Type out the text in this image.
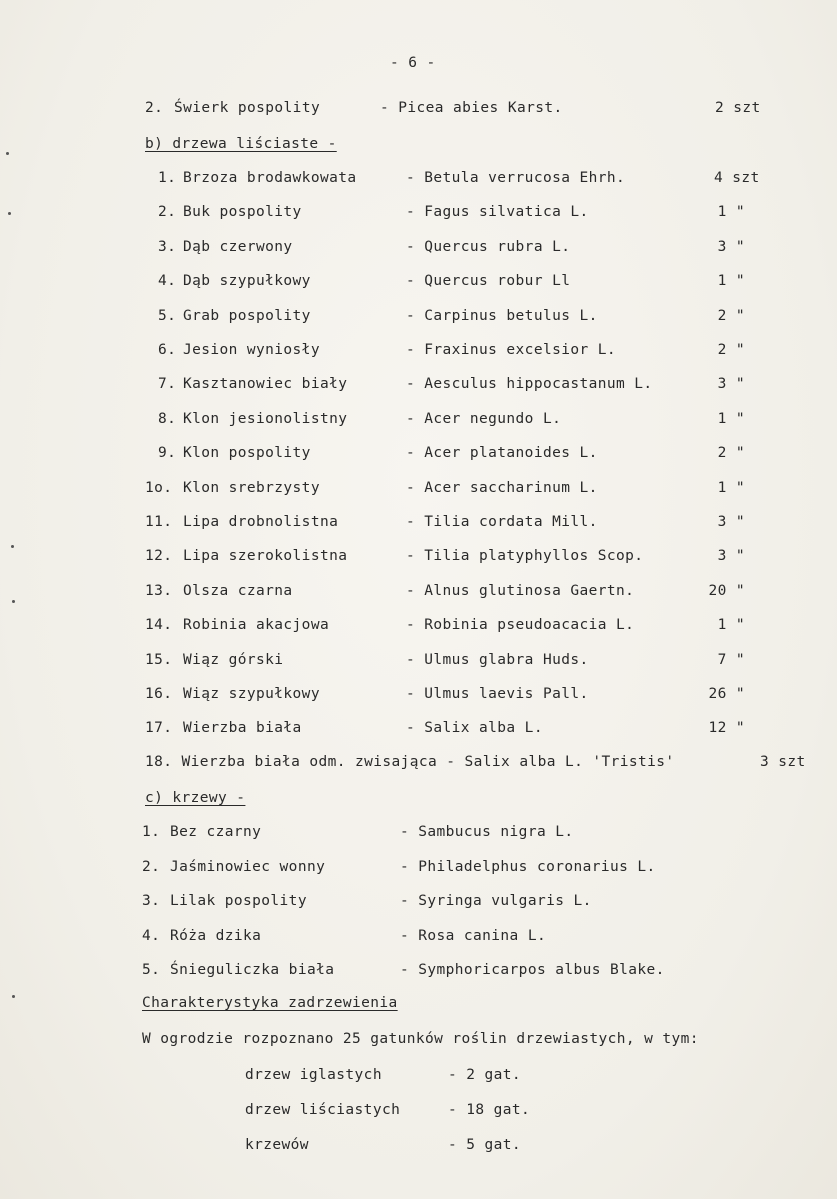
- 6 -
2. Świerk pospolity	- Picea abies Karst.	2 szt
b) drzewa liściaste -
1. Brzoza brodawkowata	- Betula verrucosa Ehrh.	4 szt
2. Buk pospolity	- Fagus silvatica L.	1 "
3. Dąb czerwony	- Quercus rubra L.	3 "
4. Dąb szypułkowy	- Quercus robur Ll	1 "
5. Grab pospolity	- Carpinus betulus L.	2 "
6. Jesion wyniosły	- Fraxinus excelsior L.	2 "
7. Kasztanowiec biały	- Aesculus hippocastanum L.	3 "
8. Klon jesionolistny	- Acer negundo L.	1 "
9. Klon pospolity	- Acer platanoides L.	2 "
1o. Klon srebrzysty	- Acer saccharinum L.	1 "
11. Lipa drobnolistna	- Tilia cordata Mill.	3 "
12. Lipa szerokolistna	- Tilia platyphyllos Scop.	3 "
13. Olsza czarna	- Alnus glutinosa Gaertn.	20 "
14. Robinia akacjowa	- Robinia pseudoacacia L.	1 "
15. Wiąz górski	- Ulmus glabra Huds.	7 "
16. Wiąz szypułkowy	- Ulmus laevis Pall.	26 "
17. Wierzba biała	- Salix alba L.	12 "
18. Wierzba biała odm. zwisająca - Salix alba L. 'Tristis'	3 szt
c) krzewy -
1. Bez czarny	- Sambucus nigra L.
2. Jaśminowiec wonny	- Philadelphus coronarius L.
3. Lilak pospolity	- Syringa vulgaris L.
4. Róża dzika	- Rosa canina L.
5. Śnieguliczka biała	- Symphoricarpos albus Blake.
Charakterystyka zadrzewienia
W ogrodzie rozpoznano 25 gatunków roślin drzewiastych, w tym:
drzew iglastych	- 2 gat.
drzew liściastych	- 18 gat.
krzewów	- 5 gat.
